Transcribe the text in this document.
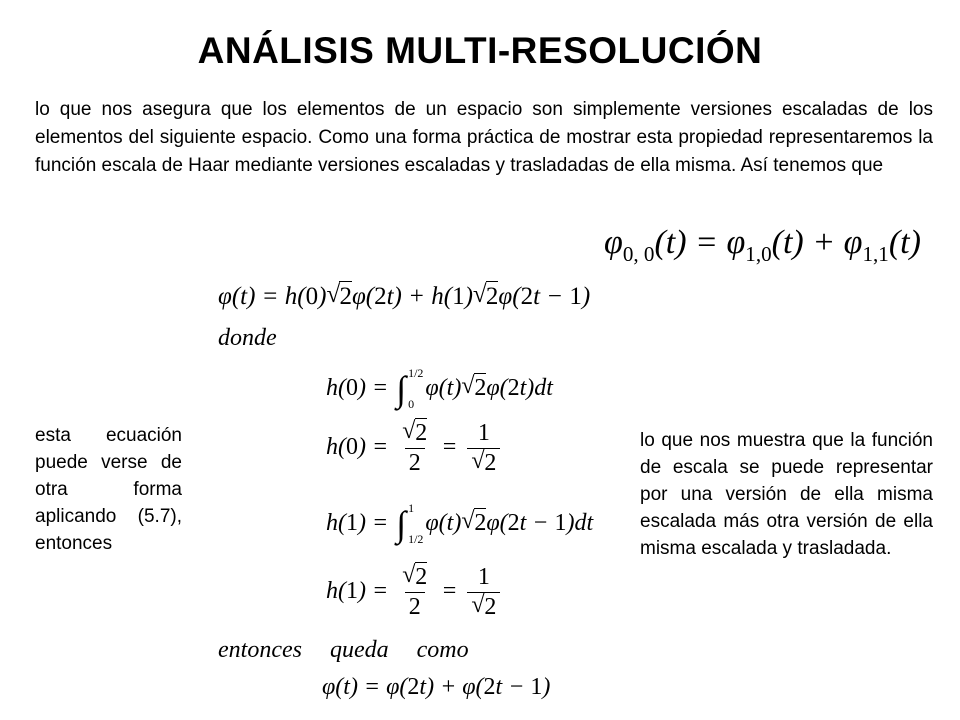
ANÁLISIS MULTI-RESOLUCIÓN
lo que nos asegura que los elementos de un espacio son simplemente versiones escaladas de los elementos del siguiente espacio. Como una forma práctica de mostrar esta propiedad representaremos la función escala de Haar mediante versiones escaladas y trasladadas de ella misma. Así tenemos que
$\varphi_{0, 0}(t) = \varphi_{1,0}(t) + \varphi_{1,1}(t)$
φ(t) = h(0) √ 2φ(2t) + h(1) √ 2φ(2t − 1)
donde
h(0) = ∫ 1/2
0
φ(t) √ 2φ(2t)dt
$h(0) = \frac{√ 2}{2} = \frac{1}{√ 2}$
h(1) = ∫ 1
1/2
φ(t) √ 2φ(2t − 1)dt
$h(1) = \frac{√ 2}{2} = \frac{1}{√ 2}$
entonces queda como
φ(t) = φ(2t) + φ(2t − 1)
esta ecuación puede verse de otra forma aplicando (5.7), entonces
lo que nos muestra que la función de escala se puede representar por una versión de ella misma escalada más otra versión de ella misma escalada y trasladada.
